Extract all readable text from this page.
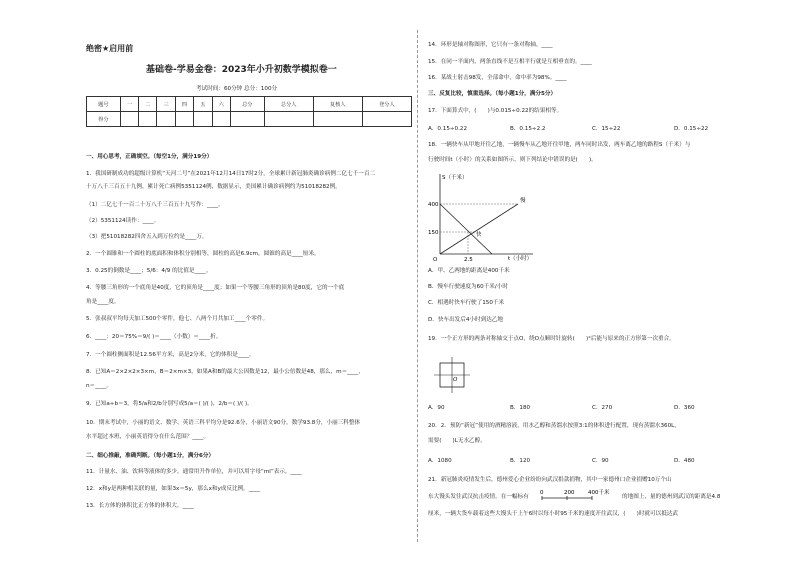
绝密★启用前
基础卷-学易金卷：2023年小升初数学模拟卷一
考试时间：60分钟 总分：100分
题号	一	二	三	四	五	六	总分	总分人	复核人	登分人
得分										
一、用心思考，正确填空。（每空1分，满分19分）
1．我国研制成功的超级计算机“天河二号”在2021年12月14日17时2分，全球累计新冠肺炎确诊病例二亿七千一百二
十万八千三百五十九例，累计死亡病例5351124例，数据显示，美国累计确诊病例约为51018282例。
（1）二亿七千一百二十万八千三百五十九写作：____。
（2）5351124读作：____。
（3）把51018282四舍五入到万位约是____万。
2．一个圆锥和一个圆柱的底面积和体积分别相等，圆柱的高是6.9cm，圆锥的高是____厘米。
3．0.25的倒数是____；5/6：4/9 的比值是____。
4．等腰三角形的一个底角是40度，它的顶角是____度；如果一个等腰三角形的顶角是80度，它的一个底
角是____度。
5．张叔叔平均每天加工500个零件，他七、八两个月共加工____个零件。
6．____：20＝75%＝9/( )＝____（小数）＝____折。
7．一个圆柱侧面积是12.56平方米，高是2分米，它的体积是____。
8．已知A＝2×2×2×3×m，B＝2×m×3，如果A和B的最大公因数是12，最小公倍数是48，那么，m＝____，
n＝____。
9．已知a÷b＝3，将5/a和2/b分别写成5/a＝( )/( )，2/b＝( )/( )。
10．期末考试中，小丽的语文、数学、英语三科平均分是92.6分，小丽语文90分，数学93.8分，小丽三科整体
水平超过本班，小丽英语得分在什么范围？____。
二、细心推敲，准确判断。（每小题1分，满分6分）
11．计量水、油、饮料等液体的多少，通常用升作单位，并可以用字母“ml”表示。____
12．x和y是两种相关联的量，如果3x＝5y，那么x和y成反比例。____
13．长方体的体积比正方体的体积大。____
14．环形是轴对称图形，它只有一条对称轴。____
15．在同一平面内，两条直线不是互相平行就是互相垂直的。____
16．某战士射击98发，全部命中，命中率为98%。____
三、反复比较，慎重选择。（每小题1分，满分5分）
17．下面算式中，(　　)与0.015÷0.22的结果相等。
A．0.15÷0.22	B．0.15÷2.2	C．15÷22	D．0.15÷22
18．一辆快车从甲地开往乙地，一辆慢车从乙地开往甲地，两车同时出发，两车离乙地的路程S（千米）与
行驶时间t（小时）的关系如图所示，则下列结论中错误的是(　　)。
S（千米）
t（小时）
400
150
2.5
O
慢
快
A．甲、乙两地的距离是400千米
B．慢车行驶速度为60千米/小时
C．相遇时快车行驶了150千米
D．快车出发后4小时到达乙地
19．一个正方形的两条对称轴交于点O，绕O点顺时针旋转(　　)°后能与原来的正方形第一次重合。
O
A．90	B．180	C．270	D．360
20．2．预防“新冠”使用的酒精溶液，用水乙醇和蒸馏水按照3:1的体积进行配置，现有蒸馏水360L，
需要(　　)L无水乙醇。
A．1080	B．120	C．90	D．480
21．新冠肺炎疫情发生后，德州爱心企业纷纷向武汉捐款捐物，其中一家德州口企业捐赠10万个山
东大馒头发往武汉抗击疫情。在一幅标有
0	200 400千米
的地图上，量的德州到武汉的距离是4.8
厘米，一辆大货车载着这些大馒头于上午6时以每小时95千米的速度开往武汉，(　　)时就可以抵达武
